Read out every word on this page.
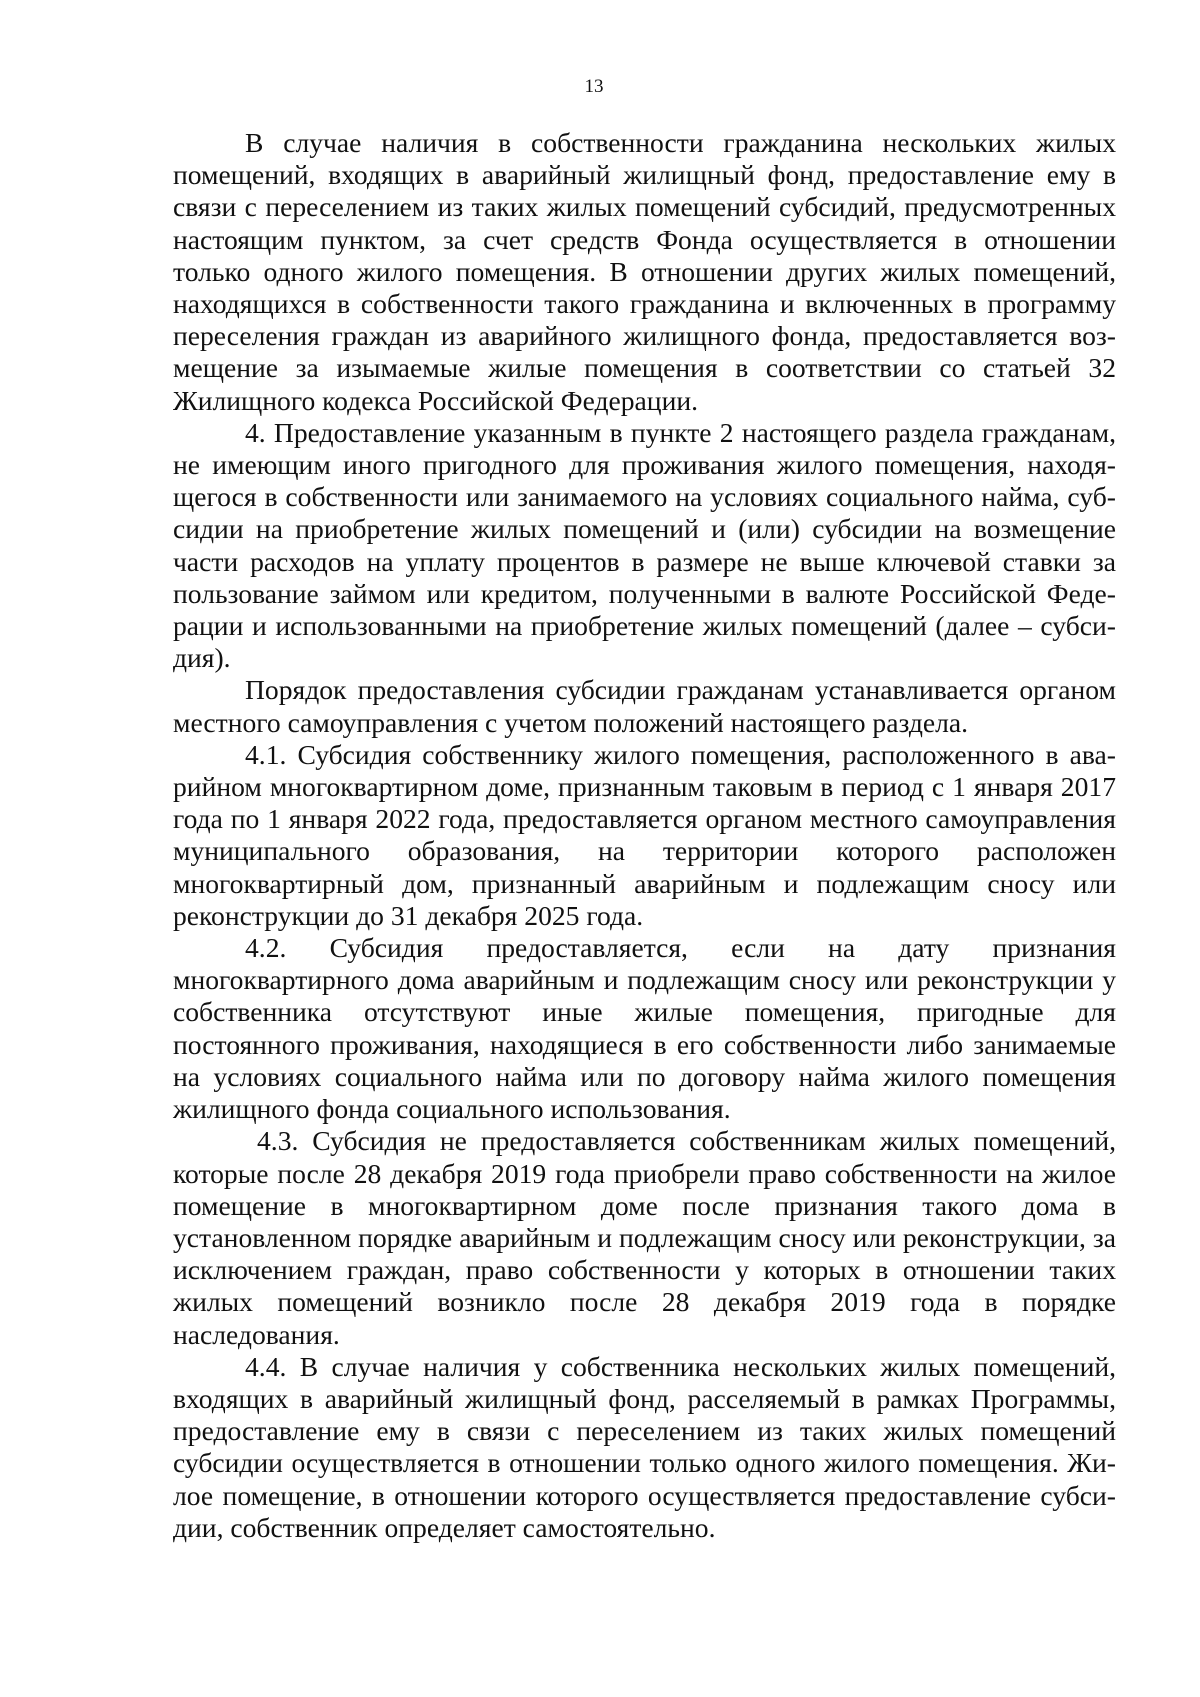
13

В случае наличия в собственности гражданина нескольких жилых помещений, входящих в аварийный жилищный фонд, предоставление ему в связи с переселением из таких жилых помещений субсидий, предусмотренных настоящим пунктом, за счет средств Фонда осуществляется в отношении только одного жилого помещения. В отношении других жилых помещений, находящихся в собственности такого гражданина и включенных в программу переселения граждан из аварийного жилищного фонда, предоставляется возмещение за изымаемые жилые помещения в соответствии со статьей 32 Жилищного кодекса Российской Федерации.

4. Предоставление указанным в пункте 2 настоящего раздела гражданам, не имеющим иного пригодного для проживания жилого помещения, находящегося в собственности или занимаемого на условиях социального найма, субсидии на приобретение жилых помещений и (или) субсидии на возмещение части расходов на уплату процентов в размере не выше ключевой ставки за пользование займом или кредитом, полученными в валюте Российской Федерации и использованными на приобретение жилых помещений (далее – субсидия).

Порядок предоставления субсидии гражданам устанавливается органом местного самоуправления с учетом положений настоящего раздела.

4.1. Субсидия собственнику жилого помещения, расположенного в аварийном многоквартирном доме, признанным таковым в период с 1 января 2017 года по 1 января 2022 года, предоставляется органом местного самоуправления муниципального образования, на территории которого расположен многоквартирный дом, признанный аварийным и подлежащим сносу или реконструкции до 31 декабря 2025 года.

4.2. Субсидия предоставляется, если на дату признания многоквартирного дома аварийным и подлежащим сносу или реконструкции у собственника отсутствуют иные жилые помещения, пригодные для постоянного проживания, находящиеся в его собственности либо занимаемые на условиях социального найма или по договору найма жилого помещения жилищного фонда социального использования.

4.3. Субсидия не предоставляется собственникам жилых помещений, которые после 28 декабря 2019 года приобрели право собственности на жилое помещение в многоквартирном доме после признания такого дома в установленном порядке аварийным и подлежащим сносу или реконструкции, за исключением граждан, право собственности у которых в отношении таких жилых помещений возникло после 28 декабря 2019 года в порядке наследования.

4.4. В случае наличия у собственника нескольких жилых помещений, входящих в аварийный жилищный фонд, расселяемый в рамках Программы, предоставление ему в связи с переселением из таких жилых помещений субсидии осуществляется в отношении только одного жилого помещения. Жилое помещение, в отношении которого осуществляется предоставление субсидии, собственник определяет самостоятельно.
